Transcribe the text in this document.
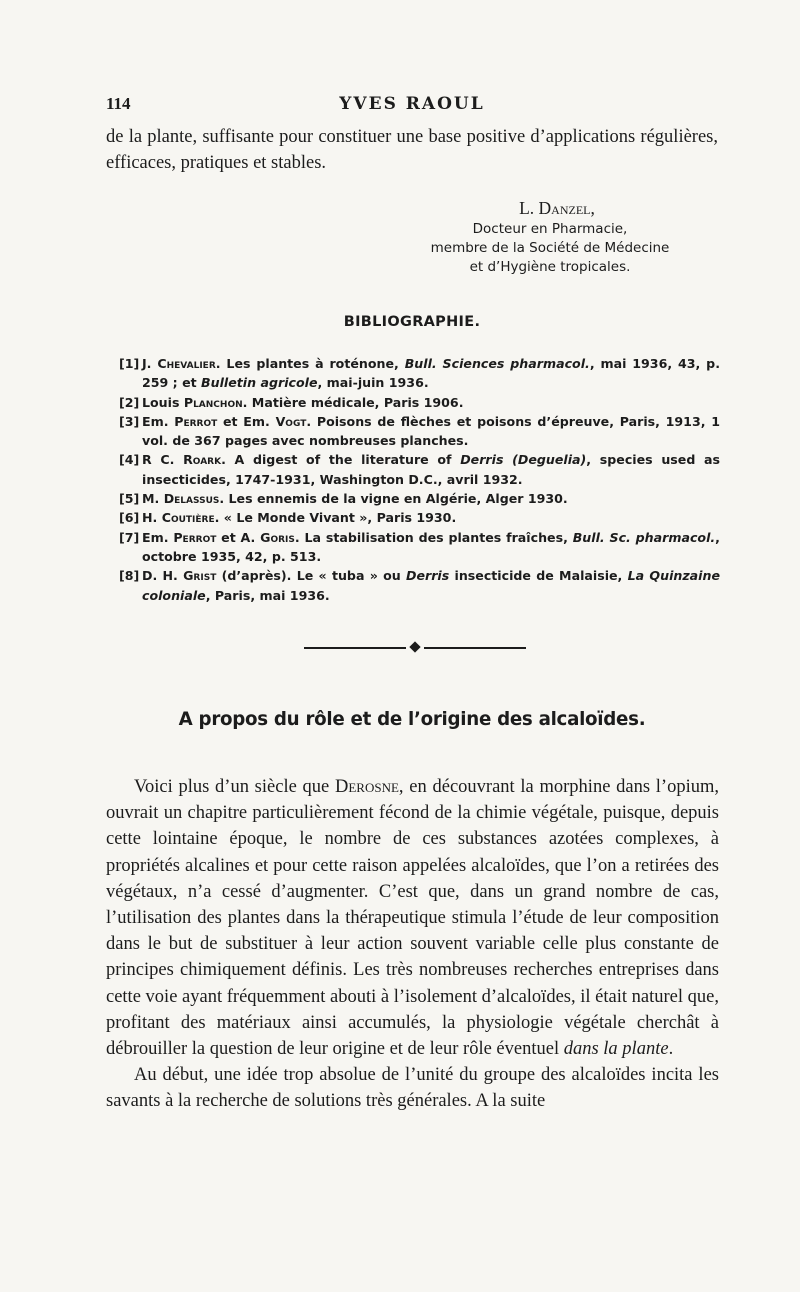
114	YVES RAOUL

de la plante, suffisante pour constituer une base positive d’applications régulières, efficaces, pratiques et stables.

L. Danzel,

Docteur en Pharmacie,

membre de la Société de Médecine

et d’Hygiène tropicales.

BIBLIOGRAPHIE.
[1] J. Chevalier. Les plantes à roténone, Bull. Sciences pharmacol., mai 1936, 43, p. 259 ; et Bulletin agricole, mai-juin 1936.
[2] Louis Planchon. Matière médicale, Paris 1906.
[3] Em. Perrot et Em. Vogt. Poisons de flèches et poisons d’épreuve, Paris, 1913, 1 vol. de 367 pages avec nombreuses planches.
[4] R C. Roark. A digest of the literature of Derris (Deguelia), species used as insecticides, 1747-1931, Washington D.C., avril 1932.
[5] M. Delassus. Les ennemis de la vigne en Algérie, Alger 1930.
[6] H. Coutière. « Le Monde Vivant », Paris 1930.
[7] Em. Perrot et A. Goris. La stabilisation des plantes fraîches, Bull. Sc. pharmacol., octobre 1935, 42, p. 513.
[8] D. H. Grist (d’après). Le « tuba » ou Derris insecticide de Malaisie, La Quinzaine coloniale, Paris, mai 1936.
A propos du rôle et de l’origine des alcaloïdes.

Voici plus d’un siècle que Derosne, en découvrant la morphine dans l’opium, ouvrait un chapitre particulièrement fécond de la chimie végétale, puisque, depuis cette lointaine époque, le nombre de ces substances azotées complexes, à propriétés alcalines et pour cette raison appelées alcaloïdes, que l’on a retirées des végétaux, n’a cessé d’augmenter. C’est que, dans un grand nombre de cas, l’utilisation des plantes dans la thérapeutique stimula l’étude de leur composition dans le but de substituer à leur action souvent variable celle plus constante de principes chimiquement définis. Les très nombreuses recherches entreprises dans cette voie ayant fréquemment abouti à l’isolement d’alcaloïdes, il était naturel que, profitant des matériaux ainsi accumulés, la physiologie végétale cherchât à débrouiller la question de leur origine et de leur rôle éventuel dans la plante.

Au début, une idée trop absolue de l’unité du groupe des alcaloïdes incita les savants à la recherche de solutions très générales. A la suite
